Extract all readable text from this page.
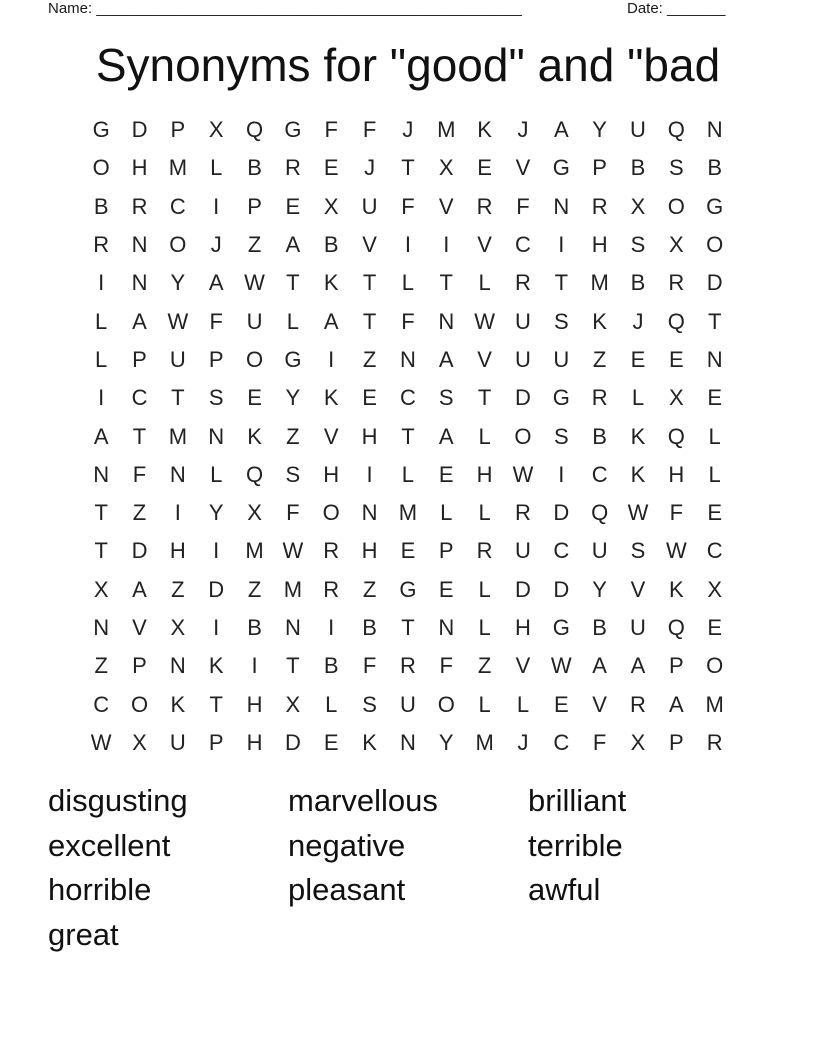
Name: ___________________________________________________	Date: _______
Synonyms for "good" and "bad
G D	P	X	Q G	F	F	J	M K	J	A	Y	U Q N
O H M	L	B	R	E	J	T	X	E	V	G	P	B	S	B
B	R	C	I	P	E	X	U	F	V	R	F	N	R	X	O G
R	N O	J	Z	A	B	V	I	I	V	C	I	H	S	X	O
I	N	Y	A W T	K	T	L	T	L	R	T	M B	R	D
L	A W F	U	L	A	T	F	N W U	S	K	J	Q	T
L	P	U	P	O G	I	Z	N	A	V	U	U	Z	E	E	N
I	C	T	S	E	Y	K	E	C	S	T	D G R	L	X	E
A	T	M N	K	Z	V	H	T	A	L	O	S	B	K	Q	L
N	F	N	L	Q	S	H	I	L	E	H W	I	C	K	H	L
T	Z	I	Y	X	F	O N M	L	L	R	D Q W F	E
T	D	H	I	M W R	H	E	P	R	U	C	U	S W C
X	A	Z	D	Z	M R	Z	G	E	L	D	D	Y	V	K	X
N	V	X	I	B	N	I	B	T	N	L	H G	B	U Q	E
Z	P	N	K	I	T	B	F	R	F	Z	V W A	A	P	O
C O	K	T	H	X	L	S	U O	L	L	E	V	R	A M
W X	U	P	H	D	E	K	N	Y M	J	C	F	X	P	R
disgusting	marvellous	brilliant
excellent	negative	terrible
horrible	pleasant	awful
great
